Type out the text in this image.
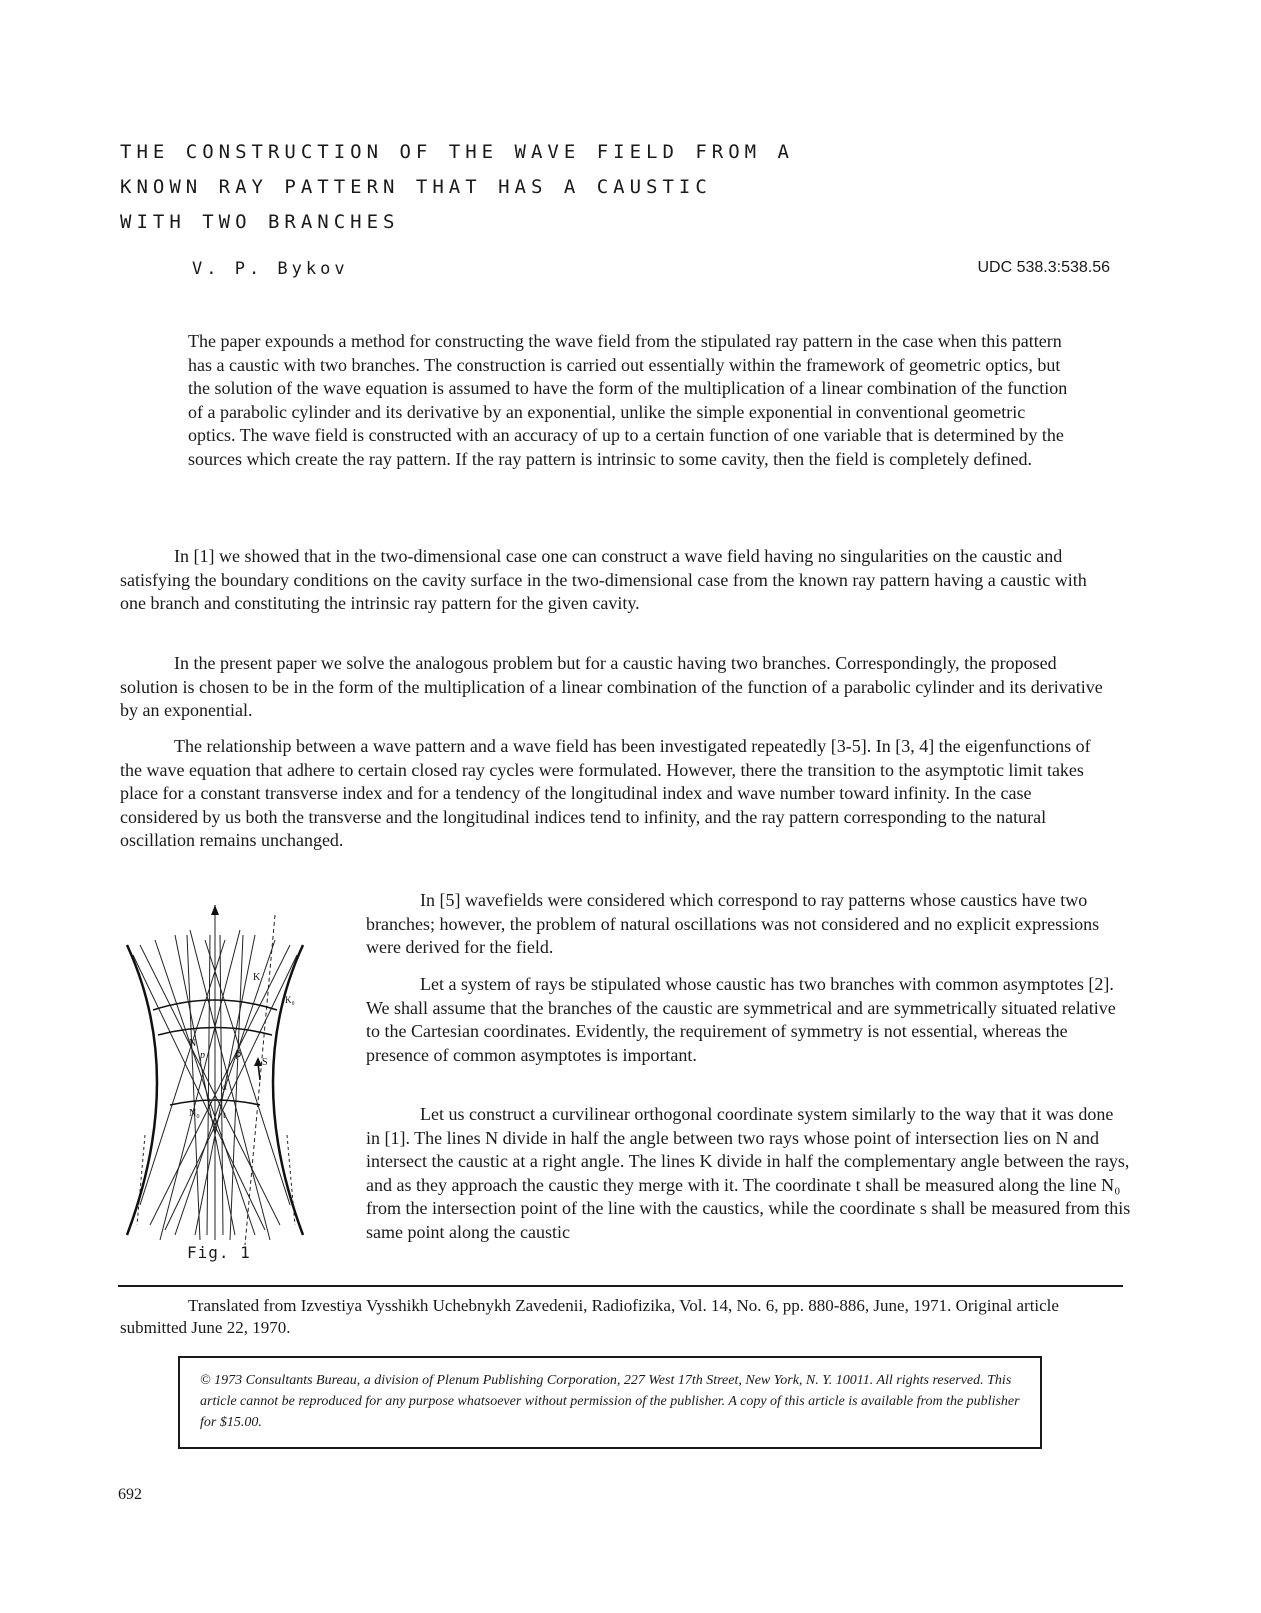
THE CONSTRUCTION OF THE WAVE FIELD FROM A
KNOWN RAY PATTERN THAT HAS A CAUSTIC
WITH TWO BRANCHES
V. P. Bykov	UDC 538.3:538.56

The paper expounds a method for constructing the wave field from the stipulated ray pattern in the case when this pattern has a caustic with two branches. The construction is carried out essentially within the framework of geometric optics, but the solution of the wave equation is assumed to have the form of the multiplication of a linear combination of the function of a parabolic cylinder and its derivative by an exponential, unlike the simple exponential in conventional geometric optics. The wave field is constructed with an accuracy of up to a certain function of one variable that is determined by the sources which create the ray pattern. If the ray pattern is intrinsic to some cavity, then the field is completely defined.

In [1] we showed that in the two-dimensional case one can construct a wave field having no singularities on the caustic and satisfying the boundary conditions on the cavity surface in the two-dimensional case from the known ray pattern having a caustic with one branch and constituting the intrinsic ray pattern for the given cavity.

In the present paper we solve the analogous problem but for a caustic having two branches. Correspondingly, the proposed solution is chosen to be in the form of the multiplication of a linear combination of the function of a parabolic cylinder and its derivative by an exponential.

The relationship between a wave pattern and a wave field has been investigated repeatedly [3-5]. In [3, 4] the eigenfunctions of the wave equation that adhere to certain closed ray cycles were formulated. However, there the transition to the asymptotic limit takes place for a constant transverse index and for a tendency of the longitudinal index and wave number toward infinity. In the case considered by us both the transverse and the longitudinal indices tend to infinity, and the ray pattern corresponding to the natural oscillation remains unchanged.

K
K₀
N
p	p⃗
S
α
N₀ t
Fig. 1

In [5] wavefields were considered which correspond to ray patterns whose caustics have two branches; however, the problem of natural oscillations was not considered and no explicit expressions were derived for the field.

Let a system of rays be stipulated whose caustic has two branches with common asymptotes [2]. We shall assume that the branches of the caustic are symmetrical and are symmetrically situated relative to the Cartesian coordinates. Evidently, the requirement of symmetry is not essential, whereas the presence of common asymptotes is important.

Let us construct a curvilinear orthogonal coordinate system similarly to the way that it was done in [1]. The lines N divide in half the angle between two rays whose point of intersection lies on N and intersect the caustic at a right angle. The lines K divide in half the complementary angle between the rays, and as they approach the caustic they merge with it. The coordinate t shall be measured along the line N₀ from the intersection point of the line with the caustics, while the coordinate s shall be measured from this same point along the caustic

Translated from Izvestiya Vysshikh Uchebnykh Zavedenii, Radiofizika, Vol. 14, No. 6, pp. 880-886, June, 1971. Original article submitted June 22, 1970.

© 1973 Consultants Bureau, a division of Plenum Publishing Corporation, 227 West 17th Street, New York, N. Y. 10011. All rights reserved. This article cannot be reproduced for any purpose whatsoever without permission of the publisher. A copy of this article is available from the publisher for $15.00.
692
